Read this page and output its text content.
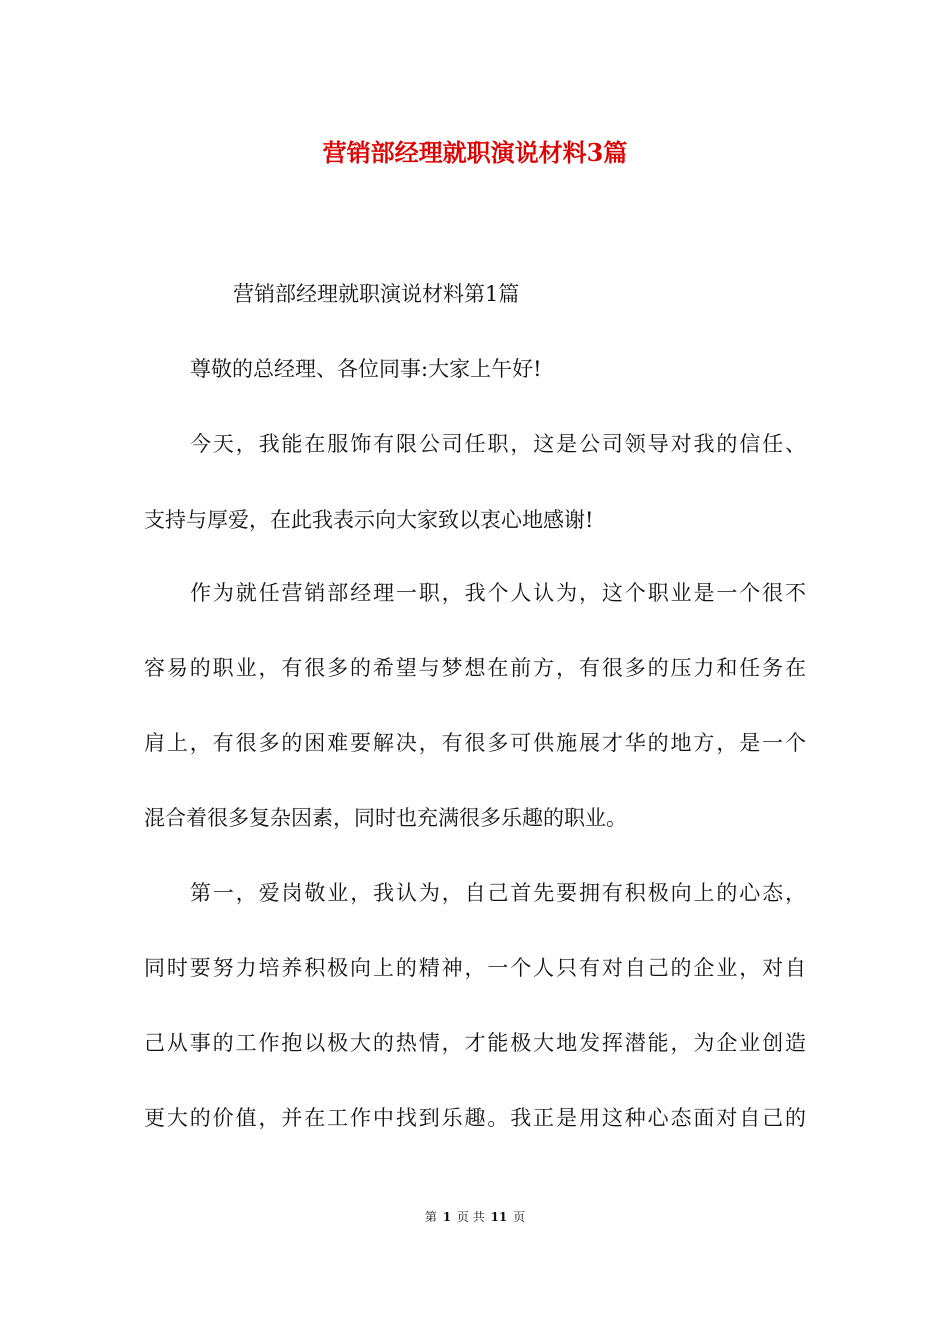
营销部经理就职演说材料3篇

营销部经理就职演说材料第1篇

尊敬的总经理、各位同事:大家上午好!

今天，我能在服饰有限公司任职，这是公司领导对我的信任、

支持与厚爱，在此我表示向大家致以衷心地感谢!

作为就任营销部经理一职，我个人认为，这个职业是一个很不

容易的职业，有很多的希望与梦想在前方，有很多的压力和任务在

肩上，有很多的困难要解决，有很多可供施展才华的地方，是一个

混合着很多复杂因素，同时也充满很多乐趣的职业。

第一，爱岗敬业，我认为，自己首先要拥有积极向上的心态，

同时要努力培养积极向上的精神，一个人只有对自己的企业，对自

己从事的工作抱以极大的热情，才能极大地发挥潜能，为企业创造

更大的价值，并在工作中找到乐趣。我正是用这种心态面对自己的

第 1 页 共 11 页
